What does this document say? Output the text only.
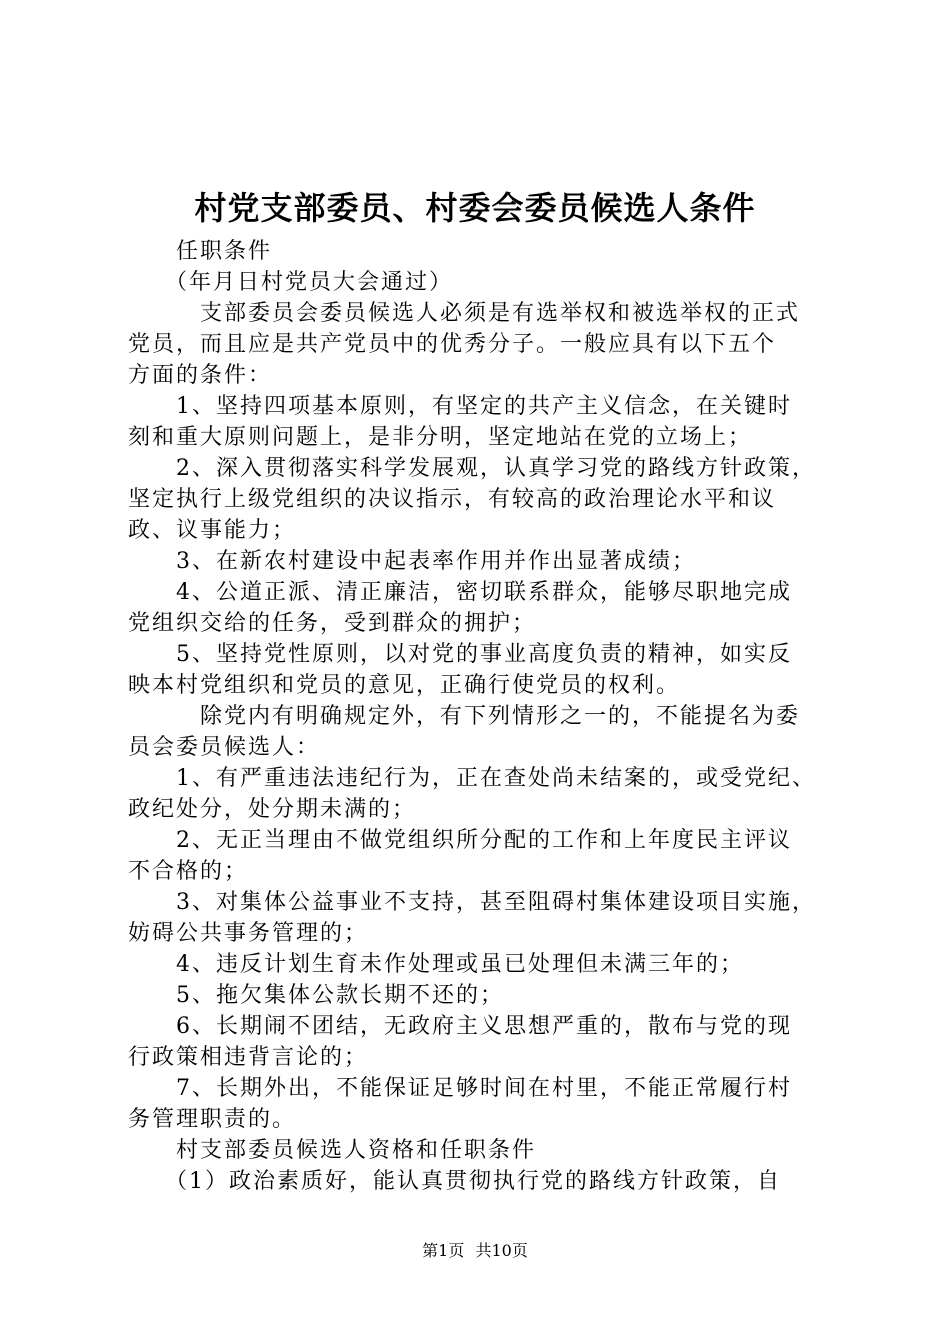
村党支部委员、村委会委员候选人条件
　　任职条件
　　（年月日村党员大会通过）
　　　支部委员会委员候选人必须是有选举权和被选举权的正式
党员，而且应是共产党员中的优秀分子。一般应具有以下五个
方面的条件：
　　1、坚持四项基本原则，有坚定的共产主义信念，在关键时
刻和重大原则问题上，是非分明，坚定地站在党的立场上；
　　2、深入贯彻落实科学发展观，认真学习党的路线方针政策，
坚定执行上级党组织的决议指示，有较高的政治理论水平和议
政、议事能力；
　　3、在新农村建设中起表率作用并作出显著成绩；
　　4、公道正派、清正廉洁，密切联系群众，能够尽职地完成
党组织交给的任务，受到群众的拥护；
　　5、坚持党性原则，以对党的事业高度负责的精神，如实反
映本村党组织和党员的意见，正确行使党员的权利。
　　　除党内有明确规定外，有下列情形之一的，不能提名为委
员会委员候选人：
　　1、有严重违法违纪行为，正在查处尚未结案的，或受党纪、
政纪处分，处分期未满的；
　　2、无正当理由不做党组织所分配的工作和上年度民主评议
不合格的；
　　3、对集体公益事业不支持，甚至阻碍村集体建设项目实施，
妨碍公共事务管理的；
　　4、违反计划生育未作处理或虽已处理但未满三年的；
　　5、拖欠集体公款长期不还的；
　　6、长期闹不团结，无政府主义思想严重的，散布与党的现
行政策相违背言论的；
　　7、长期外出，不能保证足够时间在村里，不能正常履行村
务管理职责的。
　　村支部委员候选人资格和任职条件
　　（1）政治素质好，能认真贯彻执行党的路线方针政策，自
第1页 共10页
